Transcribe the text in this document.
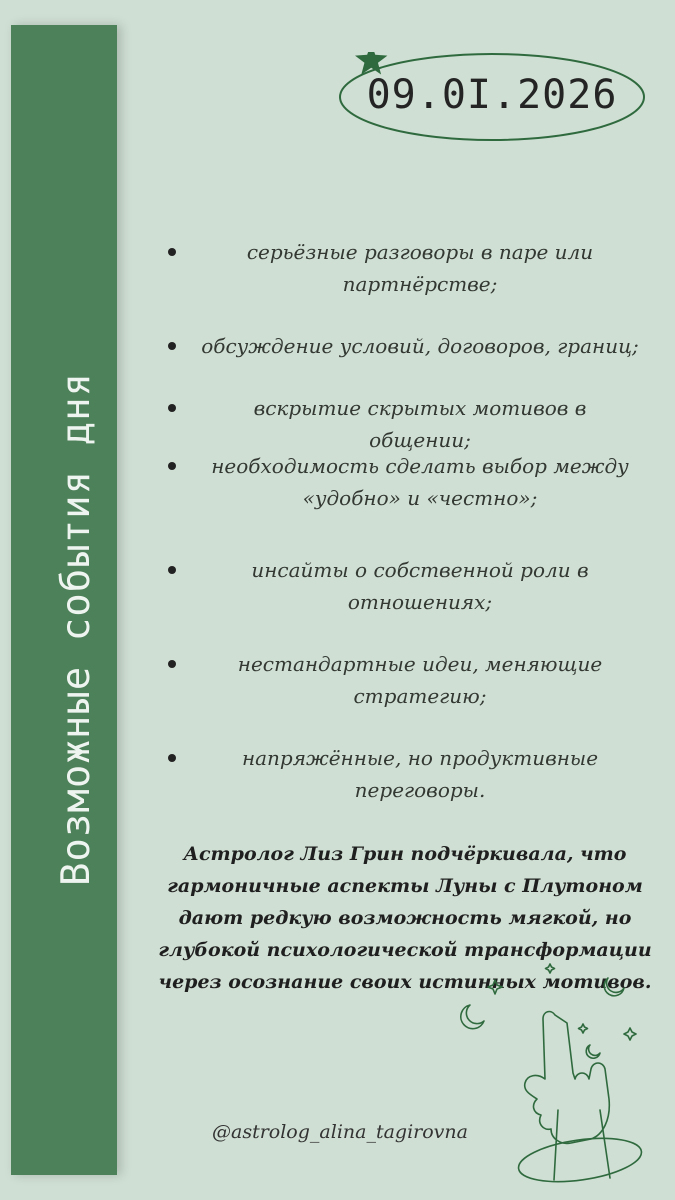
Возможные события дня
09.0I.2026
серьёзные разговоры в паре или партнёрстве;
обсуждение условий, договоров, границ;
вскрытие скрытых мотивов в общении;
необходимость сделать выбор между «удобно» и «честно»;
инсайты о собственной роли в отношениях;
нестандартные идеи, меняющие стратегию;
напряжённые, но продуктивные переговоры.
Астролог Лиз Грин подчёркивала, что гармоничные аспекты Луны с Плутоном дают редкую возможность мягкой, но глубокой психологической трансформации через осознание своих истинных мотивов.
@astrolog_alina_tagirovna
